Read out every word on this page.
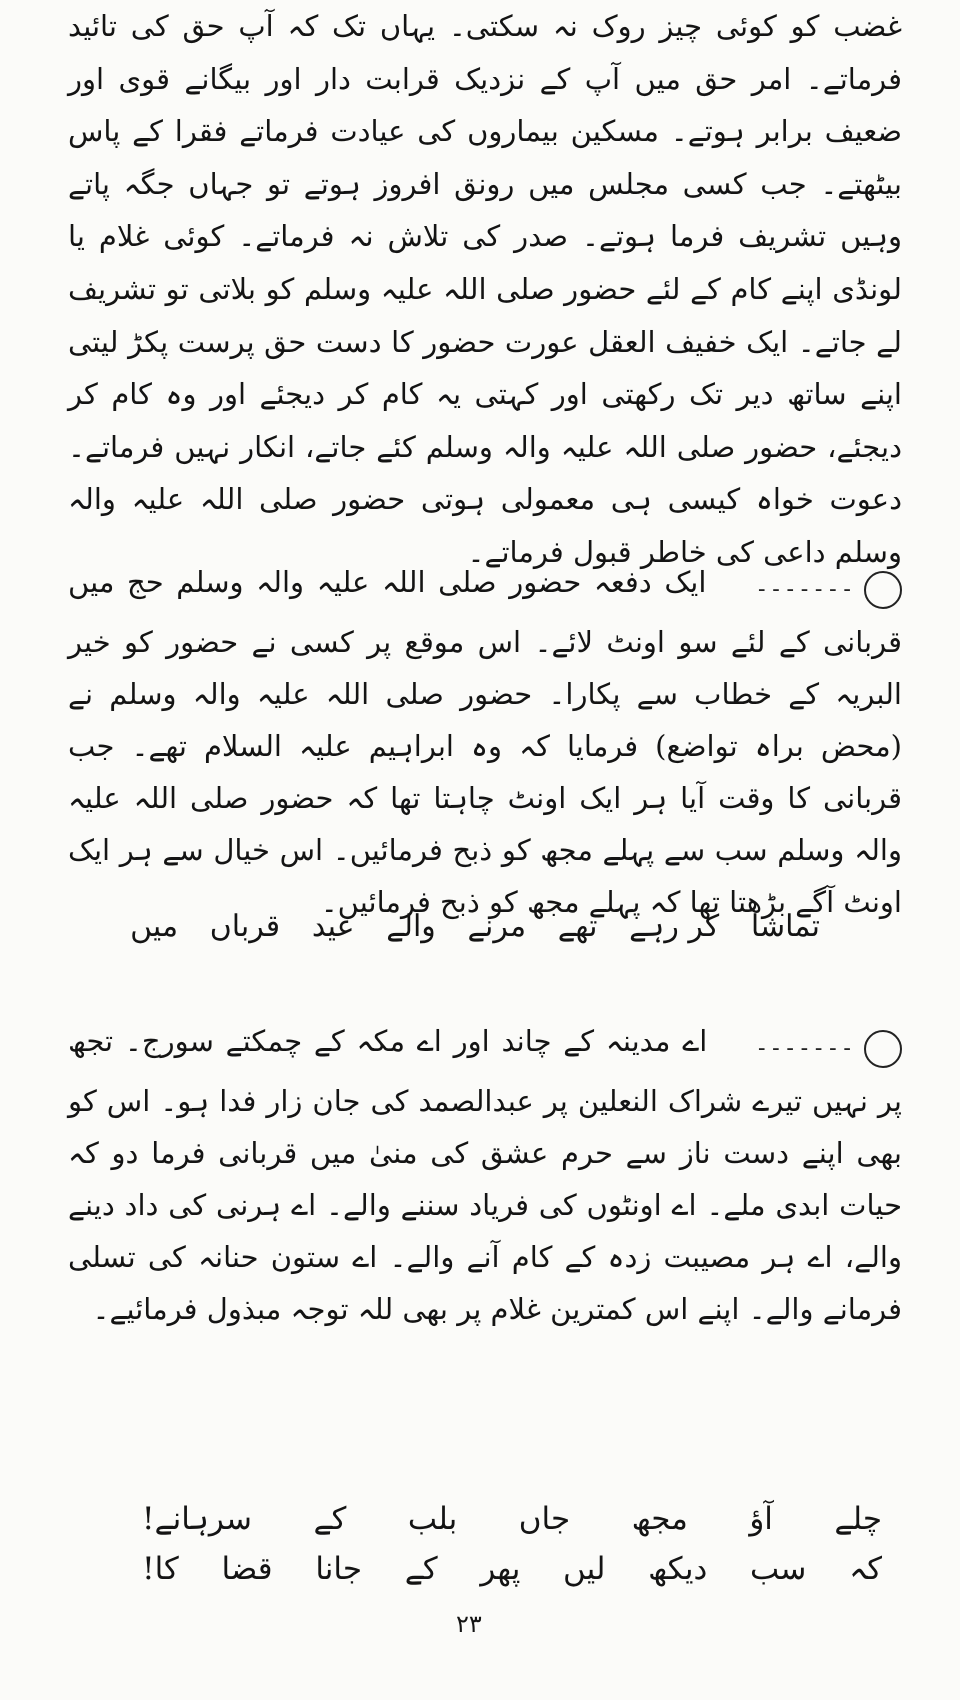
غضب کو کوئی چیز روک نہ سکتی۔ یہاں تک کہ آپ حق کی تائید فرماتے۔ امر حق میں آپ کے نزدیک قرابت دار اور بیگانے قوی اور ضعیف برابر ہوتے۔ مسکین بیماروں کی عیادت فرماتے فقرا کے پاس بیٹھتے۔ جب کسی مجلس میں رونق افروز ہوتے تو جہاں جگہ پاتے وہیں تشریف فرما ہوتے۔ صدر کی تلاش نہ فرماتے۔ کوئی غلام یا لونڈی اپنے کام کے لئے حضور صلی اللہ علیہ وسلم کو بلاتی تو تشریف لے جاتے۔ ایک خفیف العقل عورت حضور کا دست حق پرست پکڑ لیتی اپنے ساتھ دیر تک رکھتی اور کہتی یہ کام کر دیجئے اور وہ کام کر دیجئے، حضور صلی اللہ علیہ والہ وسلم کئے جاتے، انکار نہیں فرماتے۔ دعوت خواہ کیسی ہی معمولی ہوتی حضور صلی اللہ علیہ والہ وسلم داعی کی خاطر قبول فرماتے۔

-------  ایک دفعہ حضور صلی اللہ علیہ والہ وسلم حج میں قربانی کے لئے سو اونٹ لائے۔ اس موقع پر کسی نے حضور کو خیر البریہ کے خطاب سے پکارا۔ حضور صلی اللہ علیہ والہ وسلم نے (محض براہ تواضع) فرمایا کہ وہ ابراہیم علیہ السلام تھے۔ جب قربانی کا وقت آیا ہر ایک اونٹ چاہتا تھا کہ حضور صلی اللہ علیہ والہ وسلم سب سے پہلے مجھ کو ذبح فرمائیں۔ اس خیال سے ہر ایک اونٹ آگے بڑھتا تھا کہ پہلے مجھ کو ذبح فرمائیں۔

تماشا
کر رہے
تھے
مرنے
والے
عید
قرباں
میں

-------  اے مدینہ کے چاند اور اے مکہ کے چمکتے سورج۔ تجھ پر نہیں تیرے شراک النعلین پر عبدالصمد کی جان زار فدا ہو۔ اس کو بھی اپنے دست ناز سے حرم عشق کی منیٰ میں قربانی فرما دو کہ حیات ابدی ملے۔ اے اونٹوں کی فریاد سننے والے۔ اے ہرنی کی داد دینے والے، اے ہر مصیبت زدہ کے کام آنے والے۔ اے ستون حنانہ کی تسلی فرمانے والے۔ اپنے اس کمترین غلام پر بھی للہ توجہ مبذول فرمائیے۔

چلے
آؤ
مجھ
جاں
بلب
کے
سرہانے!
کہ
سب
دیکھ
لیں
پھر
کے
جانا
قضا
کا!
۲۳
